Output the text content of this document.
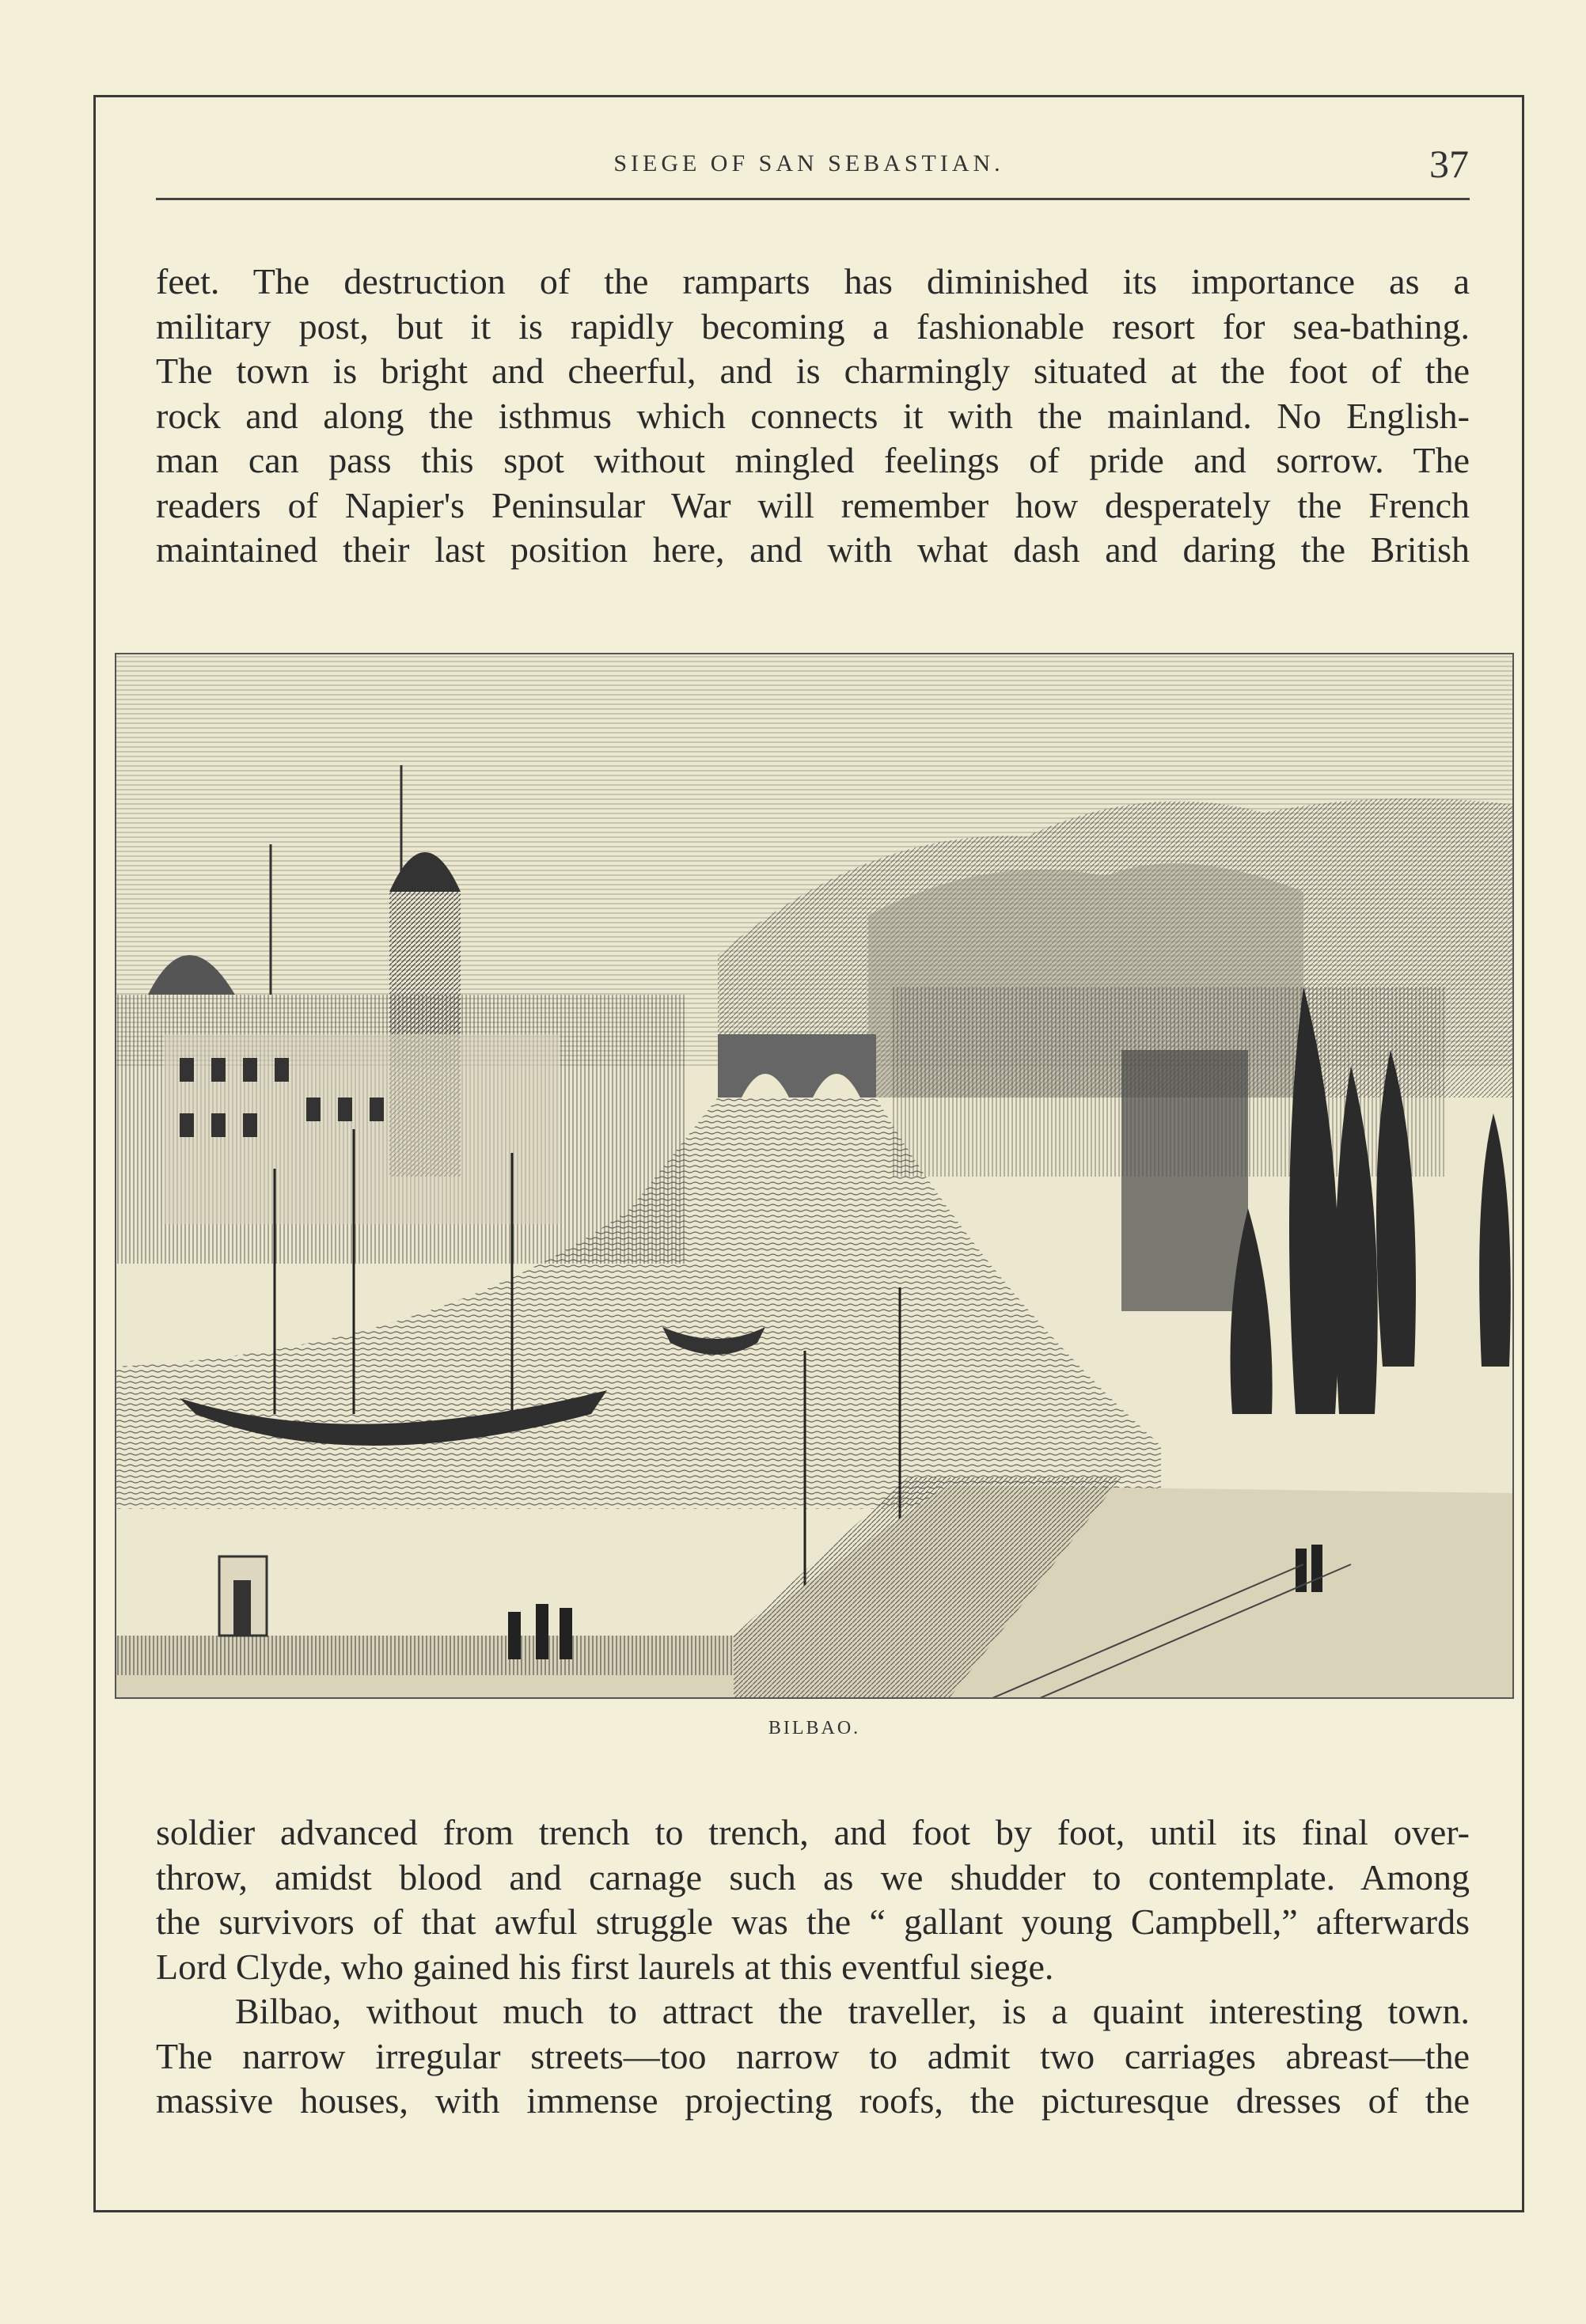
SIEGE OF SAN SEBASTIAN.	37
feet. The destruction of the ramparts has diminished its importance as a
military post, but it is rapidly becoming a fashionable resort for sea-bathing.
The town is bright and cheerful, and is charmingly situated at the foot of the
rock and along the isthmus which connects it with the mainland. No English-
man can pass this spot without mingled feelings of pride and sorrow. The
readers of Napier's Peninsular War will remember how desperately the French
maintained their last position here, and with what dash and daring the British
BILBAO.
soldier advanced from trench to trench, and foot by foot, until its final over-
throw, amidst blood and carnage such as we shudder to contemplate. Among
the survivors of that awful struggle was the “ gallant young Campbell,” afterwards
Lord Clyde, who gained his first laurels at this eventful siege.
Bilbao, without much to attract the traveller, is a quaint interesting town.
The narrow irregular streets—too narrow to admit two carriages abreast—the
massive houses, with immense projecting roofs, the picturesque dresses of the
